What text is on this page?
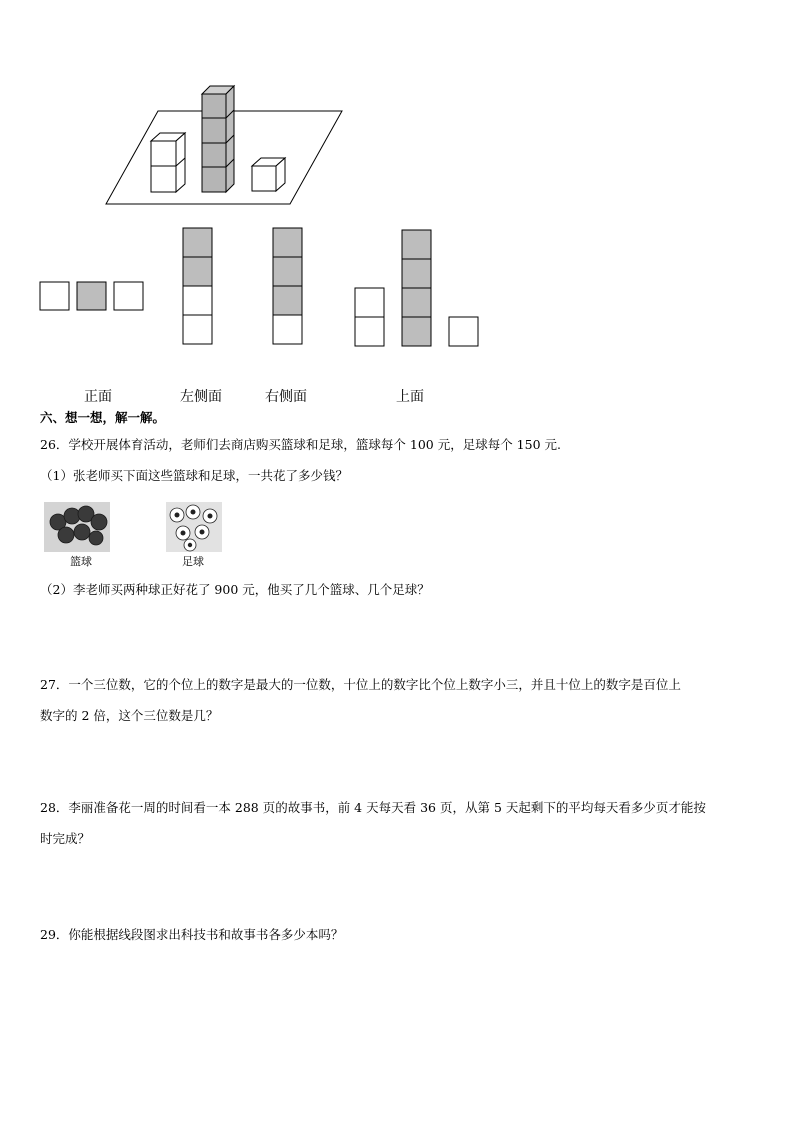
正面	左侧面	右侧面	上面
六、想一想，解一解。
26．学校开展体育活动，老师们去商店购买篮球和足球，篮球每个 100 元，足球每个 150 元.
（1）张老师买下面这些篮球和足球，一共花了多少钱？
篮球	足球
（2）李老师买两种球正好花了 900 元，他买了几个篮球、几个足球？
27．一个三位数，它的个位上的数字是最大的一位数，十位上的数字比个位上数字小三，并且十位上的数字是百位上
数字的 2 倍，这个三位数是几？
28．李丽准备花一周的时间看一本 288 页的故事书，前 4 天每天看 36 页，从第 5 天起剩下的平均每天看多少页才能按
时完成？
29．你能根据线段图求出科技书和故事书各多少本吗？
